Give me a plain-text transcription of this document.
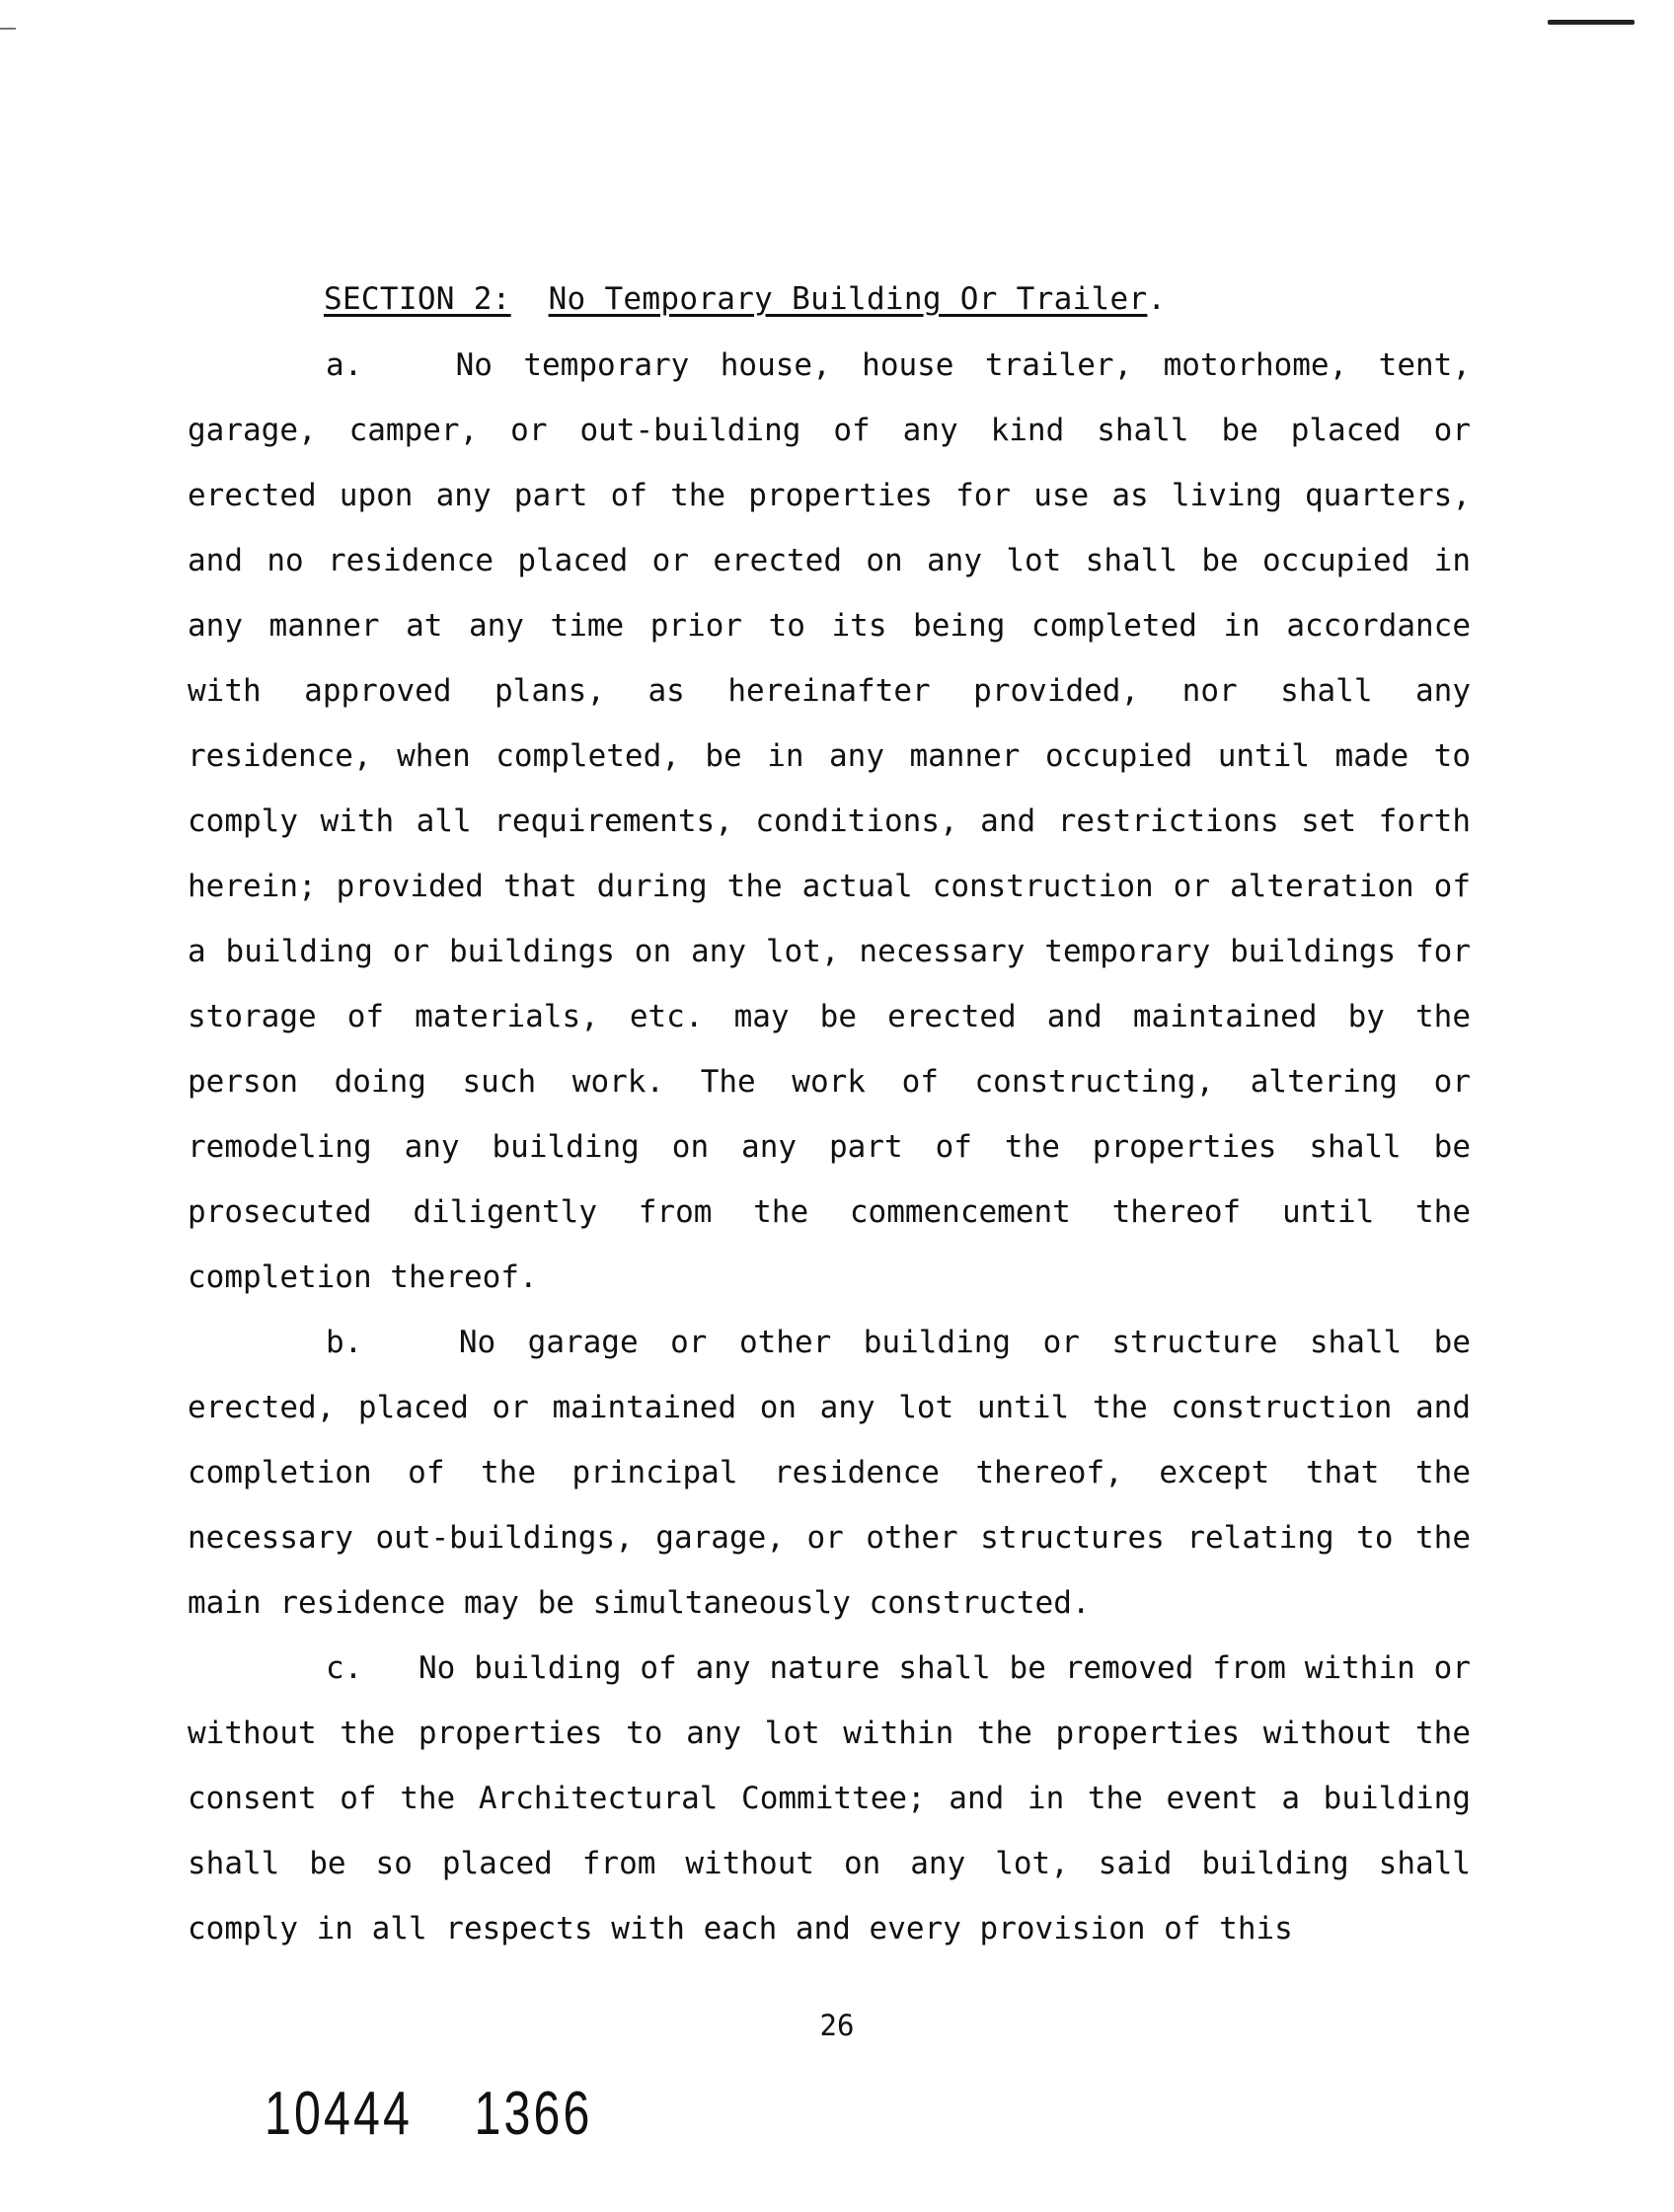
SECTION 2: No Temporary Building Or Trailer.

a.	No temporary house, house trailer, motorhome, tent, garage, camper, or out-building of any kind shall be placed or erected upon any part of the properties for use as living quarters, and no residence placed or erected on any lot shall be occupied in any manner at any time prior to its being completed in accordance with approved plans, as hereinafter provided, nor shall any residence, when completed, be in any manner occupied until made to comply with all requirements, conditions, and restrictions set forth herein; provided that during the actual construction or alteration of a building or buildings on any lot, necessary temporary buildings for storage of materials, etc. may be erected and maintained by the person doing such work. The work of constructing, altering or remodeling any building on any part of the properties shall be prosecuted diligently from the commencement thereof until the completion thereof.

b.	No garage or other building or structure shall be erected, placed or maintained on any lot until the construction and completion of the principal residence thereof, except that the necessary out-buildings, garage, or other structures relating to the main residence may be simultaneously constructed.

c. No building of any nature shall be removed from within or without the properties to any lot within the properties without the consent of the Architectural Committee; and in the event a building shall be so placed from without on any lot, said building shall comply in all respects with each and every provision of this

26
10444 1366
